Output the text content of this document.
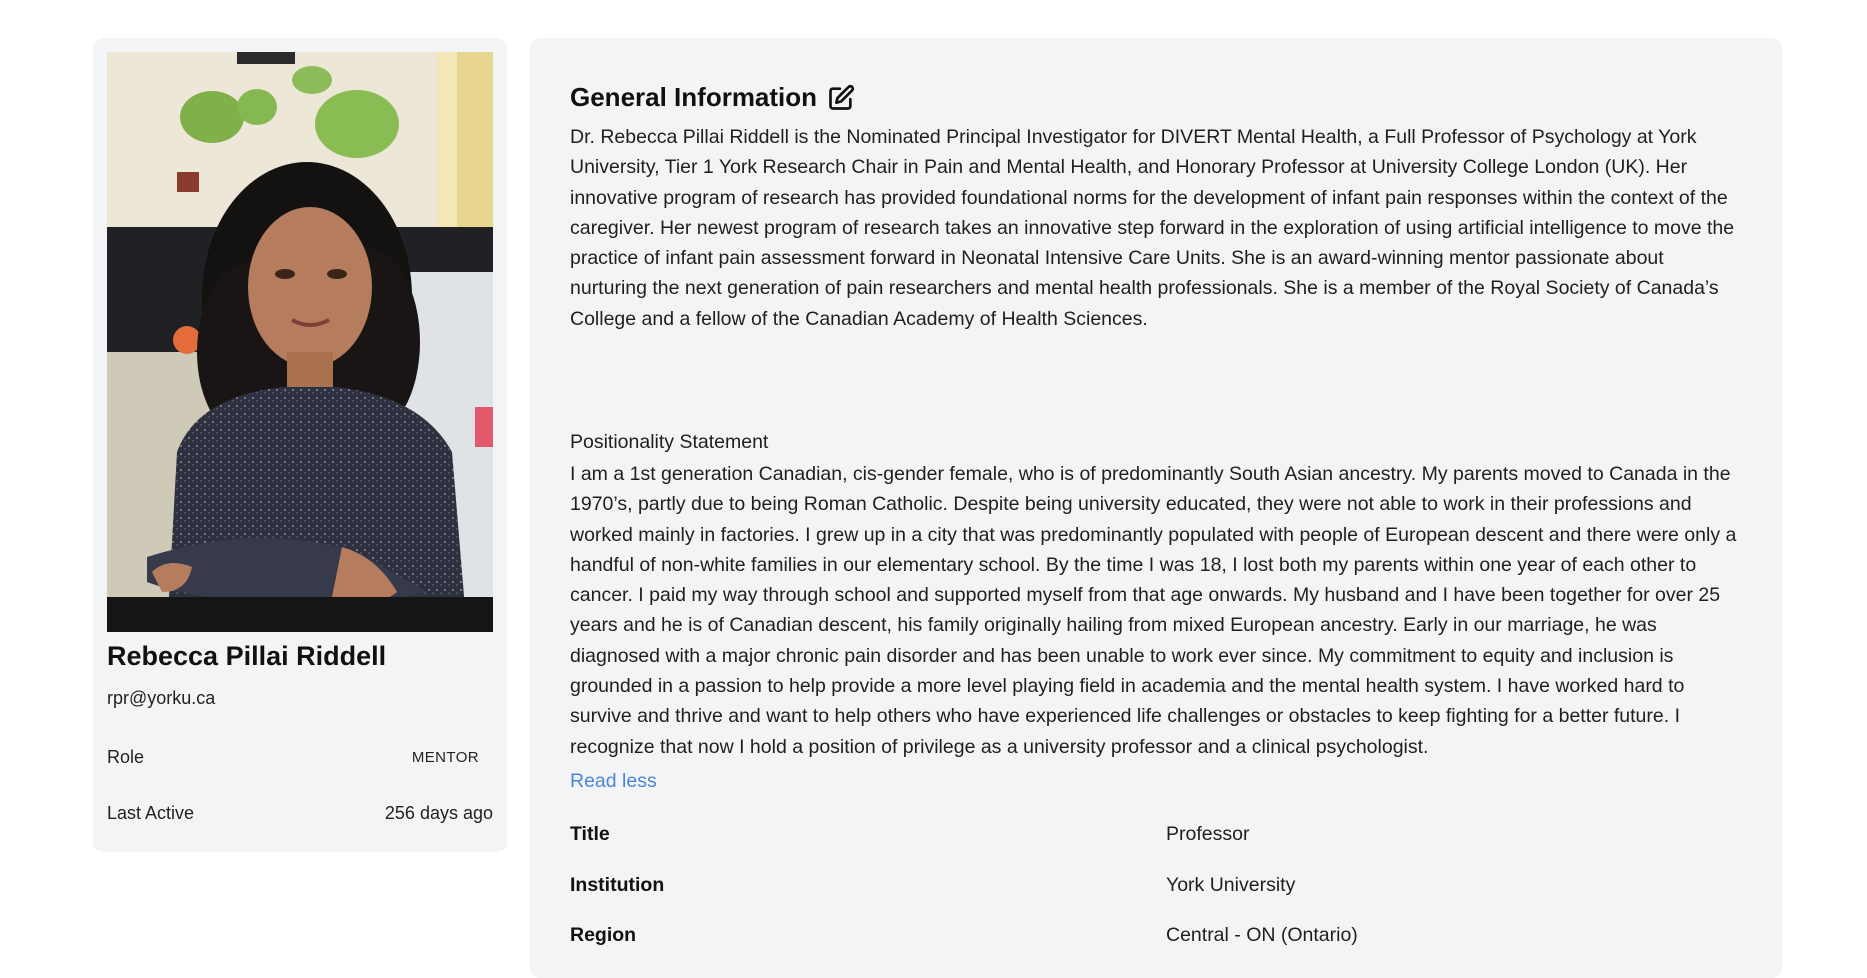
Rebecca Pillai Riddell
rpr@yorku.ca
Role	MENTOR
Last Active	256 days ago
General Information

Dr. Rebecca Pillai Riddell is the Nominated Principal Investigator for DIVERT Mental Health, a Full Professor of Psychology at York University, Tier 1 York Research Chair in Pain and Mental Health, and Honorary Professor at University College London (UK). Her innovative program of research has provided foundational norms for the development of infant pain responses within the context of the caregiver. Her newest program of research takes an innovative step forward in the exploration of using artificial intelligence to move the practice of infant pain assessment forward in Neonatal Intensive Care Units. She is an award-winning mentor passionate about nurturing the next generation of pain researchers and mental health professionals. She is a member of the Royal Society of Canada’s College and a fellow of the Canadian Academy of Health Sciences.

Positionality Statement

I am a 1st generation Canadian, cis-gender female, who is of predominantly South Asian ancestry. My parents moved to Canada in the 1970’s, partly due to being Roman Catholic. Despite being university educated, they were not able to work in their professions and worked mainly in factories. I grew up in a city that was predominantly populated with people of European descent and there were only a handful of non-white families in our elementary school. By the time I was 18, I lost both my parents within one year of each other to cancer. I paid my way through school and supported myself from that age onwards. My husband and I have been together for over 25 years and he is of Canadian descent, his family originally hailing from mixed European ancestry. Early in our marriage, he was diagnosed with a major chronic pain disorder and has been unable to work ever since. My commitment to equity and inclusion is grounded in a passion to help provide a more level playing field in academia and the mental health system. I have worked hard to survive and thrive and want to help others who have experienced life challenges or obstacles to keep fighting for a better future. I recognize that now I hold a position of privilege as a university professor and a clinical psychologist.

Read less
Title	Professor
Institution	York University
Region	Central - ON (Ontario)
